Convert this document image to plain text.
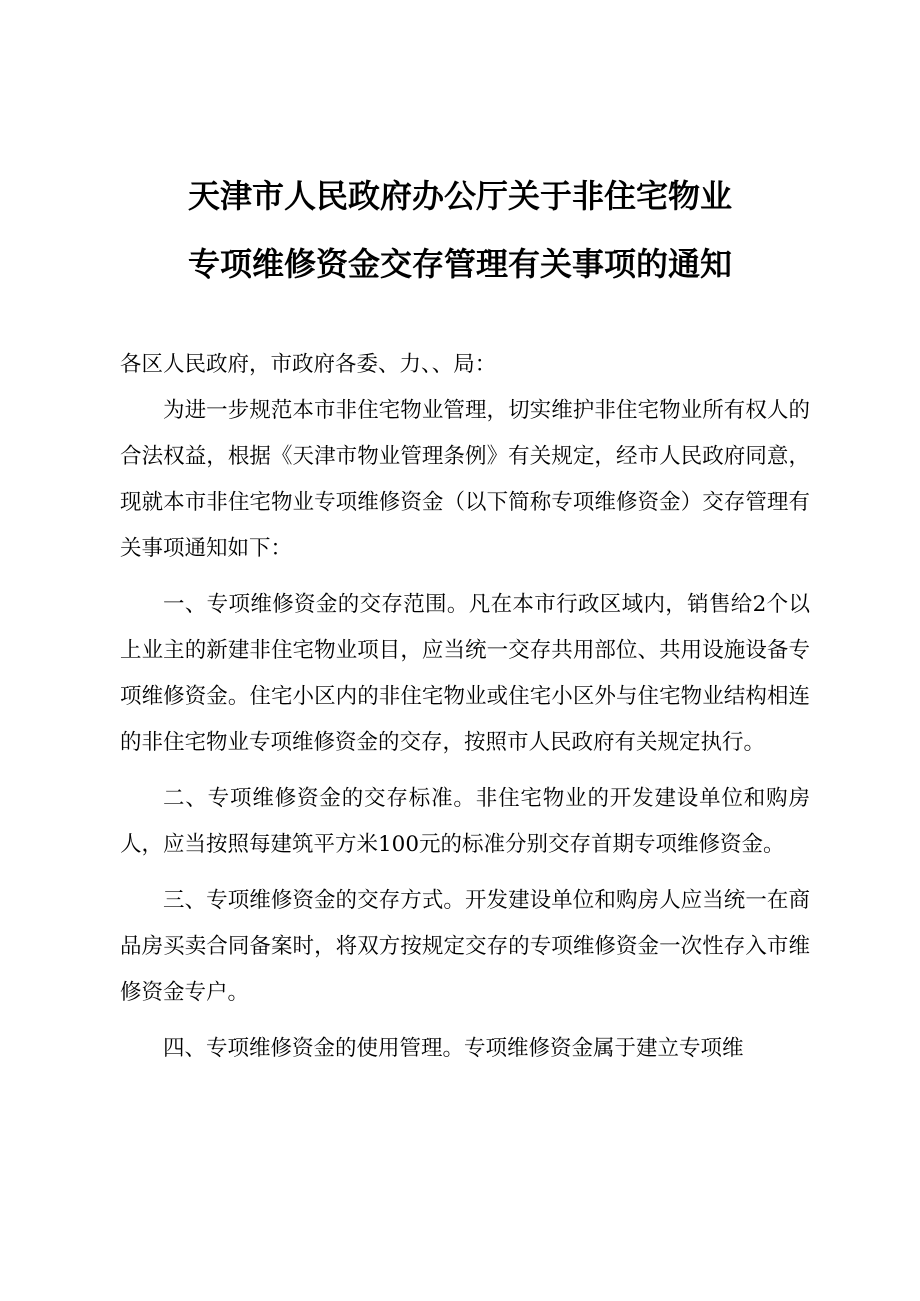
天津市人民政府办公厅关于非住宅物业
专项维修资金交存管理有关事项的通知
各区人民政府，市政府各委、力、、局：

为进一步规范本市非住宅物业管理，切实维护非住宅物业所有权人的合法权益，根据《天津市物业管理条例》有关规定，经市人民政府同意，现就本市非住宅物业专项维修资金（以下简称专项维修资金）交存管理有关事项通知如下：

一、专项维修资金的交存范围。凡在本市行政区域内，销售给2个以上业主的新建非住宅物业项目，应当统一交存共用部位、共用设施设备专项维修资金。住宅小区内的非住宅物业或住宅小区外与住宅物业结构相连的非住宅物业专项维修资金的交存，按照市人民政府有关规定执行。

二、专项维修资金的交存标准。非住宅物业的开发建设单位和购房人，应当按照每建筑平方米100元的标准分别交存首期专项维修资金。

三、专项维修资金的交存方式。开发建设单位和购房人应当统一在商品房买卖合同备案时，将双方按规定交存的专项维修资金一次性存入市维修资金专户。

四、专项维修资金的使用管理。专项维修资金属于建立专项维
